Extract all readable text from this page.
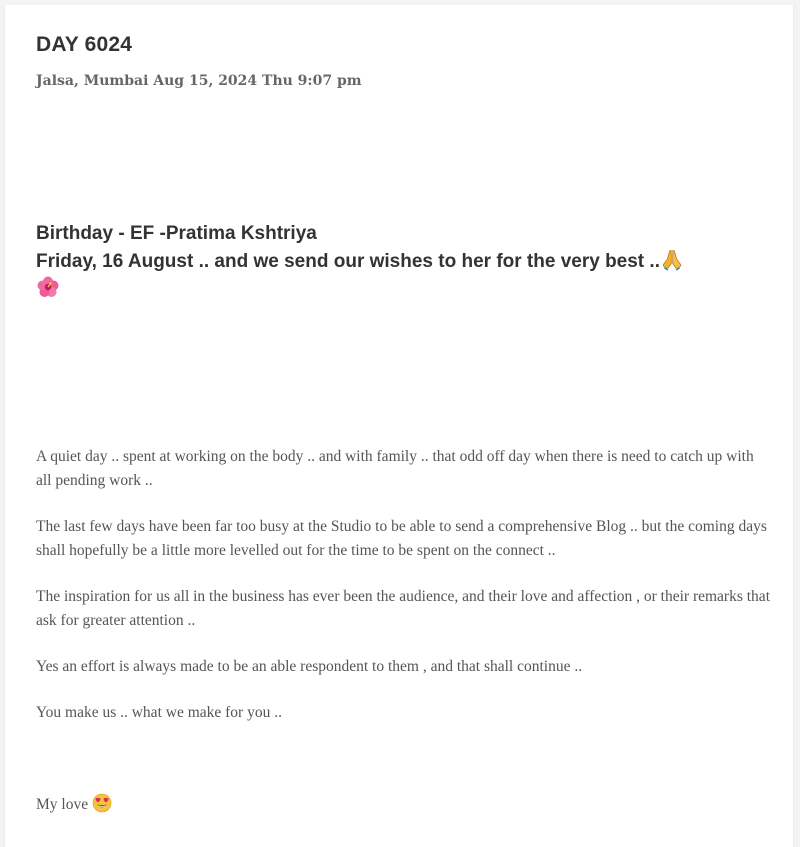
DAY 6024

Jalsa, Mumbai Aug 15, 2024 Thu 9:07 pm

Birthday - EF -Pratima Kshtriya

Friday, 16 August .. and we send our wishes to her for the very best ..

A quiet day .. spent at working on the body .. and with family .. that odd off day when there is need to catch up with all pending work ..

The last few days have been far too busy at the Studio to be able to send a comprehensive Blog .. but the coming days shall hopefully be a little more levelled out for the time to be spent on the connect ..

The inspiration for us all in the business has ever been the audience, and their love and affection , or their remarks that ask for greater attention ..

Yes an effort is always made to be an able respondent to them , and that shall continue ..

You make us .. what we make for you ..

My love
